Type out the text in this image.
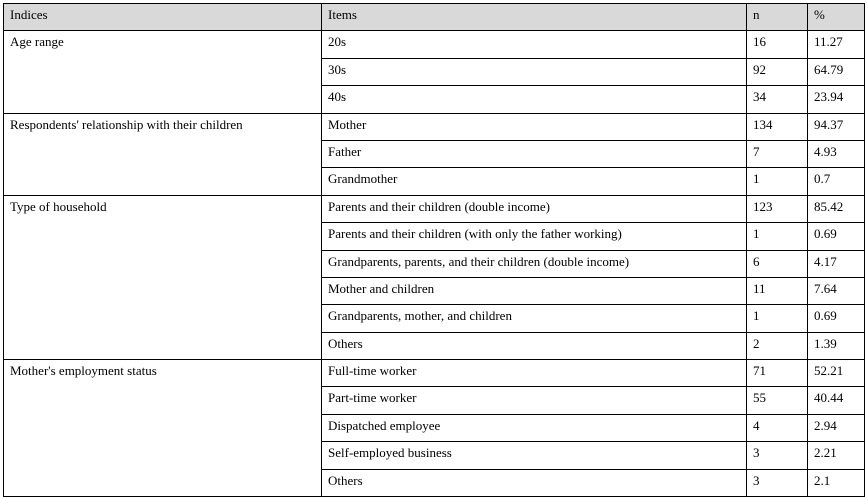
Indices	Items	n	%
Age range	20s	16	11.27
	30s	92	64.79
	40s	34	23.94
Respondents' relationship with their children	Mother	134	94.37
	Father	7	4.93
	Grandmother	1	0.7
Type of household	Parents and their children (double income)	123	85.42
	Parents and their children (with only the father working)	1	0.69
	Grandparents, parents, and their children (double income)	6	4.17
	Mother and children	11	7.64
	Grandparents, mother, and children	1	0.69
	Others	2	1.39
Mother's employment status	Full-time worker	71	52.21
	Part-time worker	55	40.44
	Dispatched employee	4	2.94
	Self-employed business	3	2.21
	Others	3	2.1
